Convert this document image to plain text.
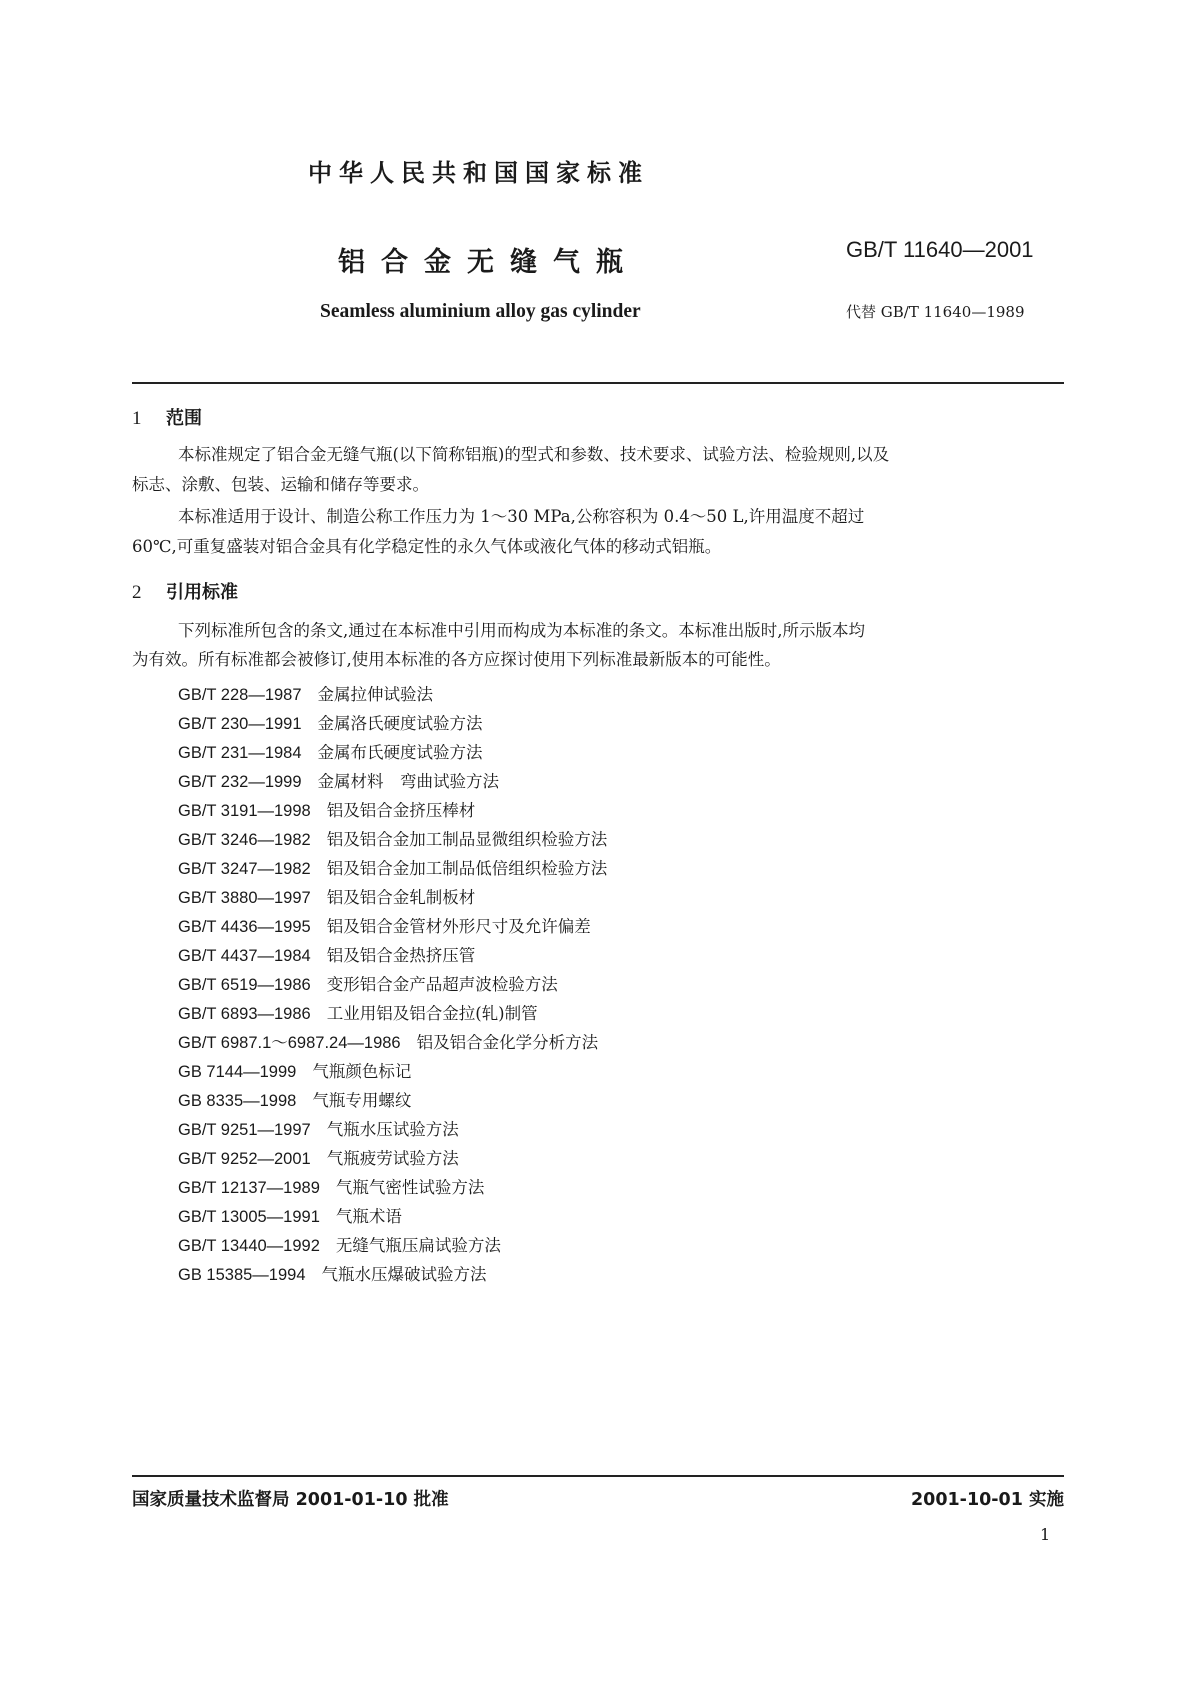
中华人民共和国国家标准
铝合金无缝气瓶	GB/T 11640—2001
Seamless aluminium alloy gas cylinder	代替 GB/T 11640—1989
1 范围
本标准规定了铝合金无缝气瓶(以下简称铝瓶)的型式和参数、技术要求、试验方法、检验规则,以及
标志、涂敷、包装、运输和储存等要求。
本标准适用于设计、制造公称工作压力为 1～30 MPa,公称容积为 0.4～50 L,许用温度不超过
60℃,可重复盛装对铝合金具有化学稳定性的永久气体或液化气体的移动式铝瓶。
2 引用标准
下列标准所包含的条文,通过在本标准中引用而构成为本标准的条文。本标准出版时,所示版本均
为有效。所有标准都会被修订,使用本标准的各方应探讨使用下列标准最新版本的可能性。
GB/T 228—1987 金属拉伸试验法
GB/T 230—1991 金属洛氏硬度试验方法
GB/T 231—1984 金属布氏硬度试验方法
GB/T 232—1999 金属材料　弯曲试验方法
GB/T 3191—1998 铝及铝合金挤压棒材
GB/T 3246—1982 铝及铝合金加工制品显微组织检验方法
GB/T 3247—1982 铝及铝合金加工制品低倍组织检验方法
GB/T 3880—1997 铝及铝合金轧制板材
GB/T 4436—1995 铝及铝合金管材外形尺寸及允许偏差
GB/T 4437—1984 铝及铝合金热挤压管
GB/T 6519—1986 变形铝合金产品超声波检验方法
GB/T 6893—1986 工业用铝及铝合金拉(轧)制管
GB/T 6987.1～6987.24—1986 铝及铝合金化学分析方法
GB 7144—1999 气瓶颜色标记
GB 8335—1998 气瓶专用螺纹
GB/T 9251—1997 气瓶水压试验方法
GB/T 9252—2001 气瓶疲劳试验方法
GB/T 12137—1989 气瓶气密性试验方法
GB/T 13005—1991 气瓶术语
GB/T 13440—1992 无缝气瓶压扁试验方法
GB 15385—1994 气瓶水压爆破试验方法
国家质量技术监督局 2001-01-10 批准	2001-10-01 实施
1
